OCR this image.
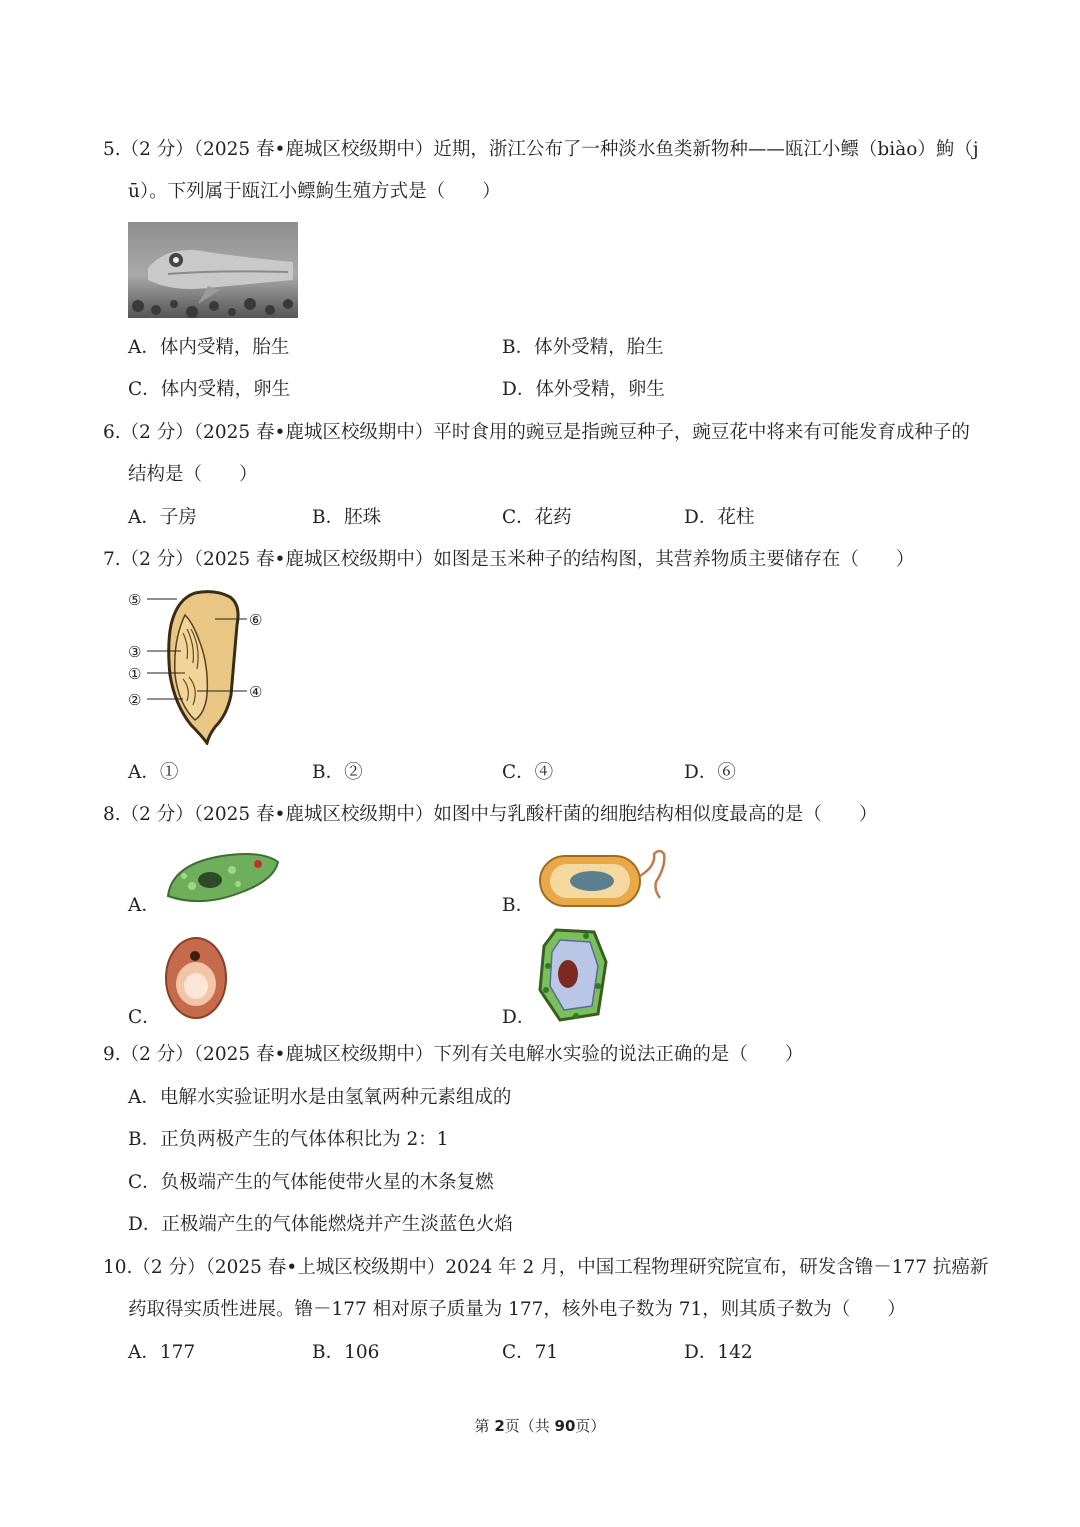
5.（2 分）（2025 春•鹿城区校级期中）近期，浙江公布了一种淡水鱼类新物种——瓯江小鳔（biào）鮈（j
ū）。下列属于瓯江小鳔鮈生殖方式是（　　）
A．体内受精，胎生	B．体外受精，胎生
C．体内受精，卵生	D．体外受精，卵生
6.（2 分）（2025 春•鹿城区校级期中）平时食用的豌豆是指豌豆种子，豌豆花中将来有可能发育成种子的
结构是（　　）
A．子房	B．胚珠	C．花药	D．花柱
7.（2 分）（2025 春•鹿城区校级期中）如图是玉米种子的结构图，其营养物质主要储存在（　　）
⑤
③
①
②
⑥
④
A．①	B．②	C．④	D．⑥
8.（2 分）（2025 春•鹿城区校级期中）如图中与乳酸杆菌的细胞结构相似度最高的是（　　）
A．	B．
C．	D．
9.（2 分）（2025 春•鹿城区校级期中）下列有关电解水实验的说法正确的是（　　）
A．电解水实验证明水是由氢氧两种元素组成的
B．正负两极产生的气体体积比为 2：1
C．负极端产生的气体能使带火星的木条复燃
D．正极端产生的气体能燃烧并产生淡蓝色火焰
10.（2 分）（2025 春•上城区校级期中）2024 年 2 月，中国工程物理研究院宣布，研发含镥－177 抗癌新
药取得实质性进展。镥－177 相对原子质量为 177，核外电子数为 71，则其质子数为（　　）
A．177	B．106	C．71	D．142
第 2页（共 90页）
